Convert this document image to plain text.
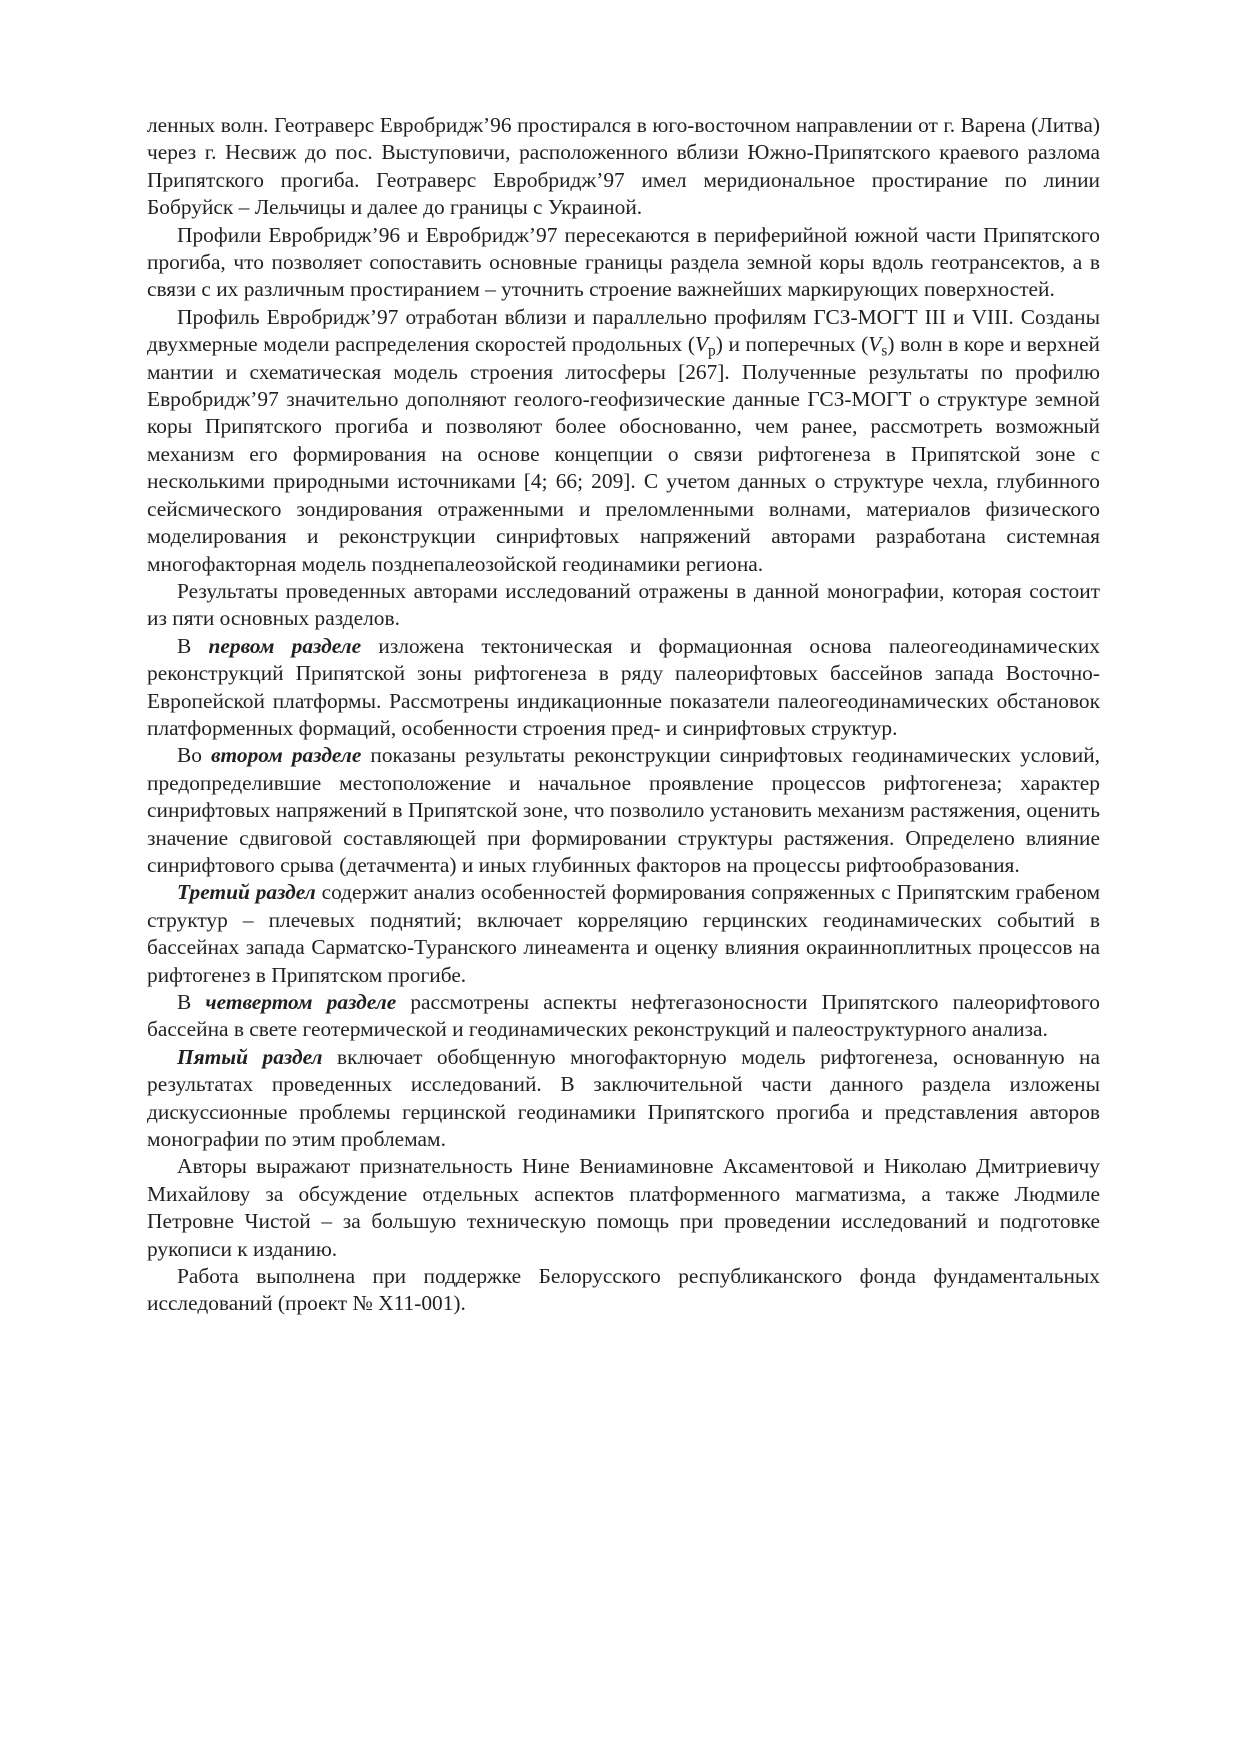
ленных волн. Геотраверс Евробридж’96 простирался в юго-восточном направлении от г. Варена (Литва) через г. Несвиж до пос. Выступовичи, расположенного вблизи Южно-Припятского краевого разлома Припятского прогиба. Геотраверс Евробридж’97 имел меридиональное простирание по линии Бобруйск – Лельчицы и далее до границы с Украиной.

Профили Евробридж’96 и Евробридж’97 пересекаются в периферийной южной части Припятского прогиба, что позволяет сопоставить основные границы раздела земной коры вдоль геотрансектов, а в связи с их различным простиранием – уточнить строение важнейших маркирующих поверхностей.

Профиль Евробридж’97 отработан вблизи и параллельно профилям ГСЗ-МОГТ III и VIII. Созданы двухмерные модели распределения скоростей продольных $(V_p)$ и поперечных $(V_s)$ волн в коре и верхней мантии и схематическая модель строения литосферы [267]. Полученные результаты по профилю Евробридж’97 значительно дополняют геолого-геофизические данные ГСЗ-МОГТ о структуре земной коры Припятского прогиба и позволяют более обоснованно, чем ранее, рассмотреть возможный механизм его формирования на основе концепции о связи рифтогенеза в Припятской зоне с несколькими природными источниками [4; 66; 209]. С учетом данных о структуре чехла, глубинного сейсмического зондирования отраженными и преломленными волнами, материалов физического моделирования и реконструкции синрифтовых напряжений авторами разработана системная многофакторная модель позднепалеозойской геодинамики региона.

Результаты проведенных авторами исследований отражены в данной монографии, которая состоит из пяти основных разделов.

В первом разделе изложена тектоническая и формационная основа палеогеодинамических реконструкций Припятской зоны рифтогенеза в ряду палеорифтовых бассейнов запада Восточно-Европейской платформы. Рассмотрены индикационные показатели палеогеодинамических обстановок платформенных формаций, особенности строения пред- и синрифтовых структур.

Во втором разделе показаны результаты реконструкции синрифтовых геодинамических условий, предопределившие местоположение и начальное проявление процессов рифтогенеза; характер синрифтовых напряжений в Припятской зоне, что позволило установить механизм растяжения, оценить значение сдвиговой составляющей при формировании структуры растяжения. Определено влияние синрифтового срыва (детачмента) и иных глубинных факторов на процессы рифтообразования.

Третий раздел содержит анализ особенностей формирования сопряженных с Припятским грабеном структур – плечевых поднятий; включает корреляцию герцинских геодинамических событий в бассейнах запада Сарматско-Туранского линеамента и оценку влияния окраинноплитных процессов на рифтогенез в Припятском прогибе.

В четвертом разделе рассмотрены аспекты нефтегазоносности Припятского палеорифтового бассейна в свете геотермической и геодинамических реконструкций и палеоструктурного анализа.

Пятый раздел включает обобщенную многофакторную модель рифтогенеза, основанную на результатах проведенных исследований. В заключительной части данного раздела изложены дискуссионные проблемы герцинской геодинамики Припятского прогиба и представления авторов монографии по этим проблемам.

Авторы выражают признательность Нине Вениаминовне Аксаментовой и Николаю Дмитриевичу Михайлову за обсуждение отдельных аспектов платформенного магматизма, а также Людмиле Петровне Чистой – за большую техническую помощь при проведении исследований и подготовке рукописи к изданию.

Работа выполнена при поддержке Белорусского республиканского фонда фундаментальных исследований (проект № Х11-001).
